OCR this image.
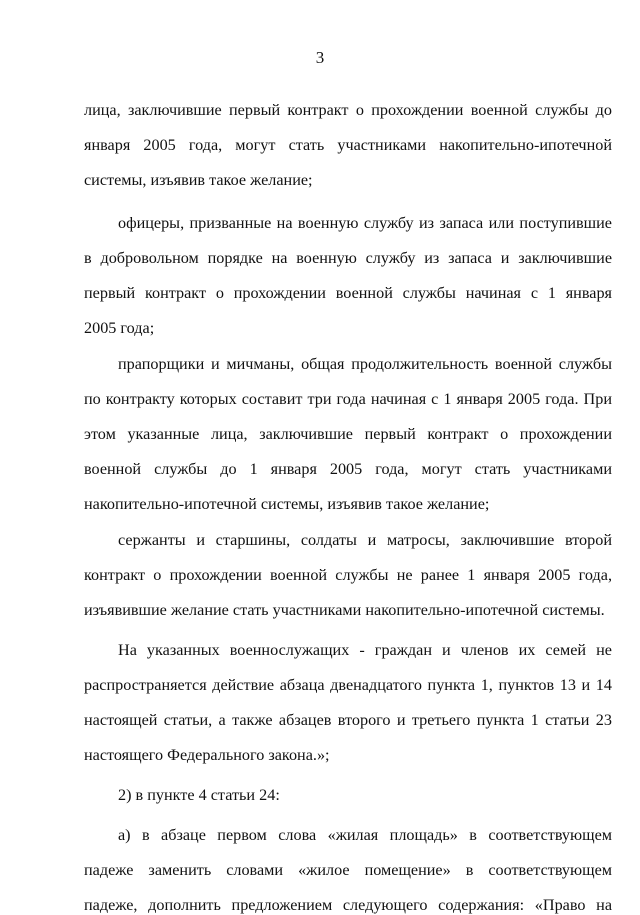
3
лица, заключившие первый контракт о прохождении военной службы до
января 2005 года, могут стать участниками накопительно-ипотечной
системы, изъявив такое желание;
офицеры, призванные на военную службу из запаса или поступившие
в добровольном порядке на военную службу из запаса и заключившие
первый контракт о прохождении военной службы начиная с 1 января
2005 года;
прапорщики и мичманы, общая продолжительность военной службы
по контракту которых составит три года начиная с 1 января 2005 года. При
этом указанные лица, заключившие первый контракт о прохождении
военной службы до 1 января 2005 года, могут стать участниками
накопительно-ипотечной системы, изъявив такое желание;
сержанты и старшины, солдаты и матросы, заключившие второй
контракт о прохождении военной службы не ранее 1 января 2005 года,
изъявившие желание стать участниками накопительно-ипотечной системы.
На указанных военнослужащих - граждан и членов их семей не
распространяется действие абзаца двенадцатого пункта 1, пунктов 13 и 14
настоящей статьи, а также абзацев второго и третьего пункта 1 статьи 23
настоящего Федерального закона.»;
2) в пункте 4 статьи 24:
а) в абзаце первом слова «жилая площадь» в соответствующем
падеже заменить словами «жилое помещение» в соответствующем
падеже, дополнить предложением следующего содержания: «Право на
